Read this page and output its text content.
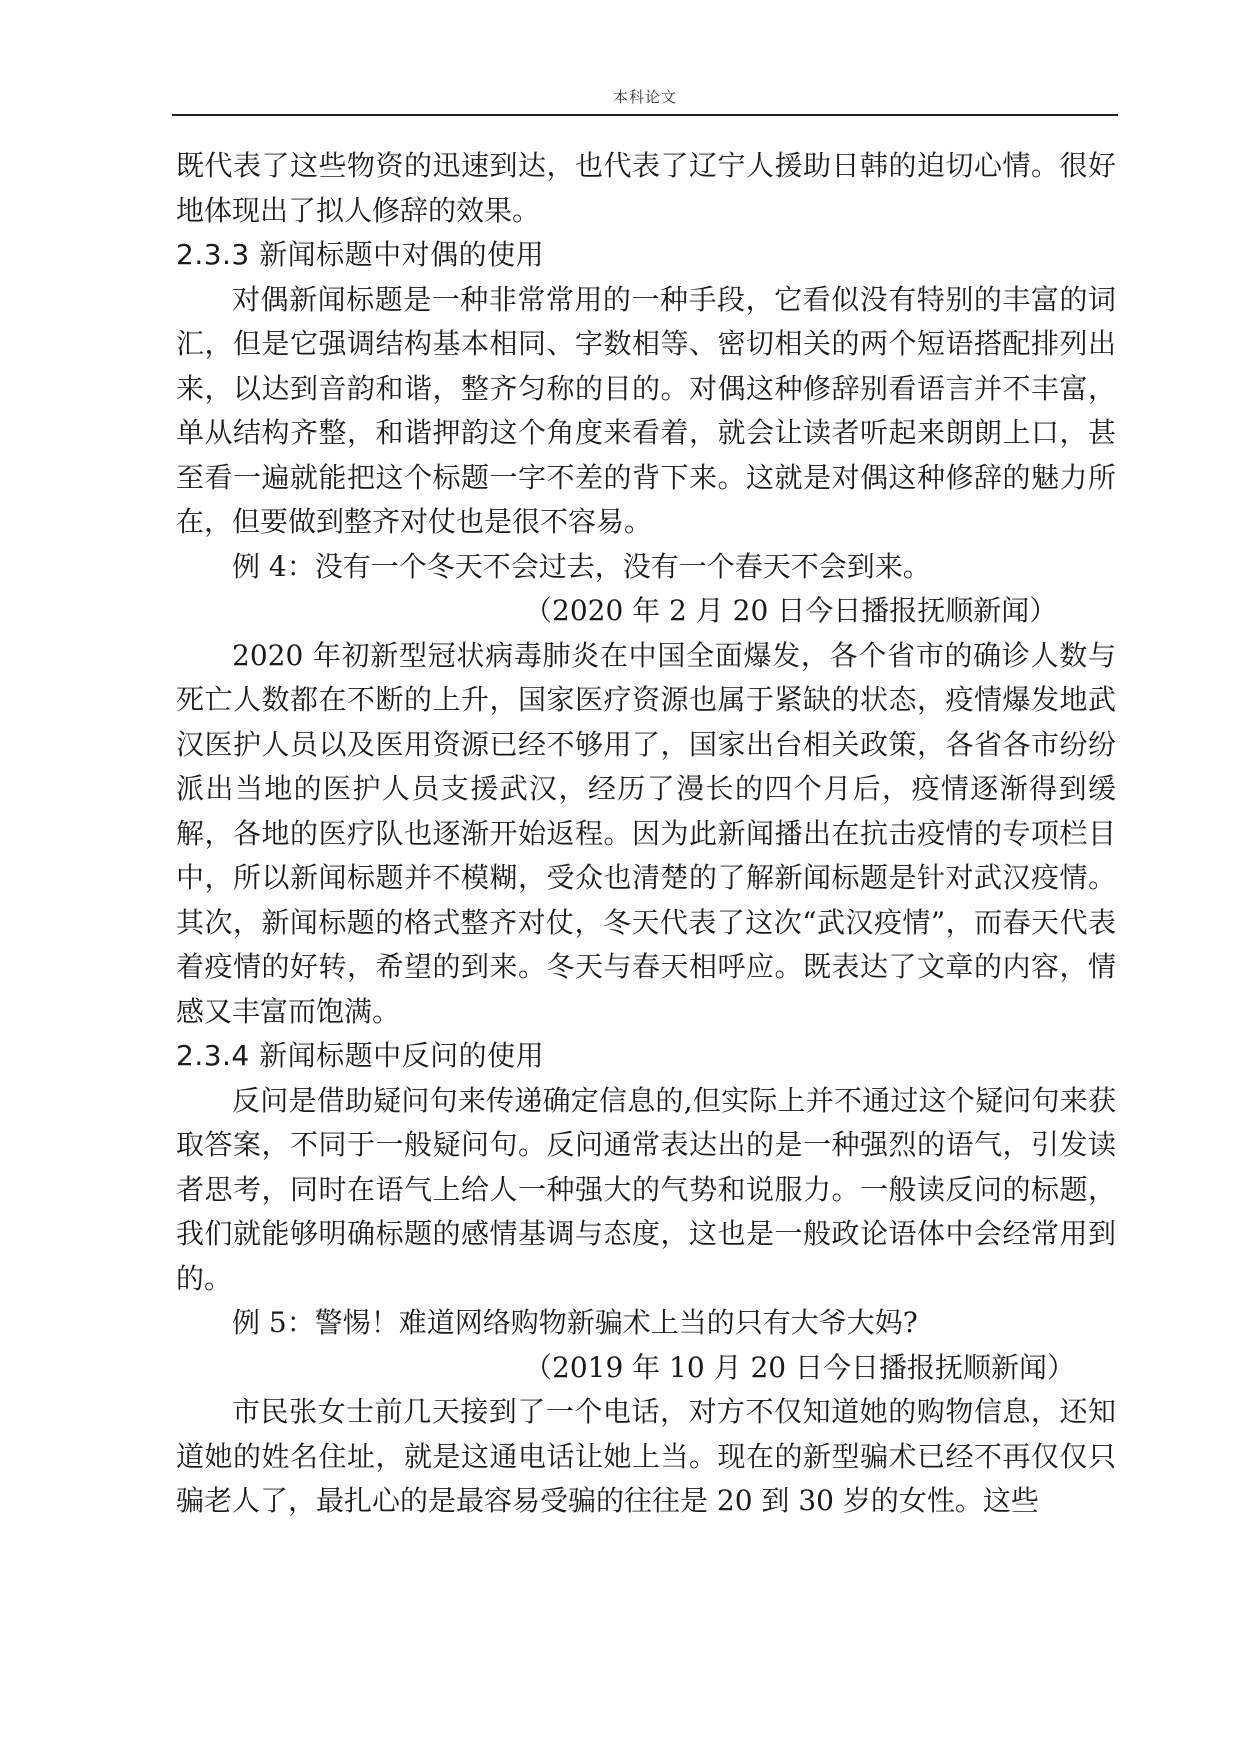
本科论文

既代表了这些物资的迅速到达，也代表了辽宁人援助日韩的迫切心情。很好地体现出了拟人修辞的效果。

2.3.3 新闻标题中对偶的使用

对偶新闻标题是一种非常常用的一种手段，它看似没有特别的丰富的词汇，但是它强调结构基本相同、字数相等、密切相关的两个短语搭配排列出来，以达到音韵和谐，整齐匀称的目的。对偶这种修辞别看语言并不丰富，单从结构齐整，和谐押韵这个角度来看着，就会让读者听起来朗朗上口，甚至看一遍就能把这个标题一字不差的背下来。这就是对偶这种修辞的魅力所在，但要做到整齐对仗也是很不容易。

例 4：没有一个冬天不会过去，没有一个春天不会到来。

（2020 年 2 月 20 日今日播报抚顺新闻）

2020 年初新型冠状病毒肺炎在中国全面爆发，各个省市的确诊人数与死亡人数都在不断的上升，国家医疗资源也属于紧缺的状态，疫情爆发地武汉医护人员以及医用资源已经不够用了，国家出台相关政策，各省各市纷纷派出当地的医护人员支援武汉，经历了漫长的四个月后，疫情逐渐得到缓解，各地的医疗队也逐渐开始返程。因为此新闻播出在抗击疫情的专项栏目中，所以新闻标题并不模糊，受众也清楚的了解新闻标题是针对武汉疫情。其次，新闻标题的格式整齐对仗，冬天代表了这次“武汉疫情”，而春天代表着疫情的好转，希望的到来。冬天与春天相呼应。既表达了文章的内容，情感又丰富而饱满。

2.3.4 新闻标题中反问的使用

反问是借助疑问句来传递确定信息的,但实际上并不通过这个疑问句来获取答案，不同于一般疑问句。反问通常表达出的是一种强烈的语气，引发读者思考，同时在语气上给人一种强大的气势和说服力。一般读反问的标题，我们就能够明确标题的感情基调与态度，这也是一般政论语体中会经常用到的。

例 5：警惕！难道网络购物新骗术上当的只有大爷大妈?

（2019 年 10 月 20 日今日播报抚顺新闻）

市民张女士前几天接到了一个电话，对方不仅知道她的购物信息，还知道她的姓名住址，就是这通电话让她上当。现在的新型骗术已经不再仅仅只骗老人了，最扎心的是最容易受骗的往往是 20 到 30 岁的女性。这些
